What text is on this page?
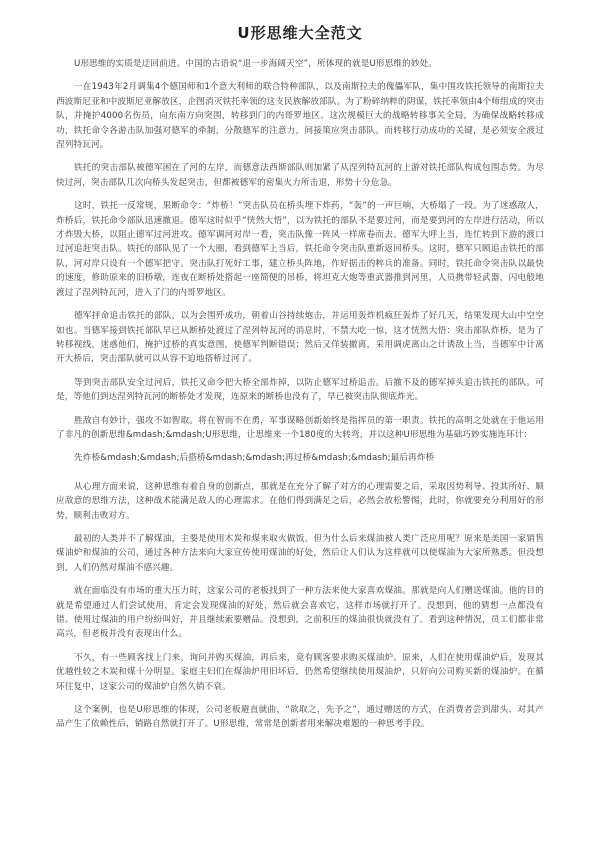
U形思维大全范文

U形思维的实质是迂回前进。中国的古语说“退一步海阔天空”，所体现的就是U形思维的妙处。

一在1943年2月调集4个德国师和1个意大利师的联合特种部队，以及南斯拉夫的傀儡军队，集中围攻铁托领导的南斯拉夫西波斯尼亚和中波斯尼亚解放区，企图消灭铁托率领的这支民族解放部队。为了粉碎纳粹的阴谋，铁托率领由4个师组成的突击队，并掩护4000名伤员，向东南方向突围，转移到门的内哥罗地区。这次规模巨大的战略转移事关全局，为确保战略转移成功，铁托命令各游击队加强对德军的牵制，分散德军的注意力，间接策应突击部队。而转移行动成功的关键，是必须安全渡过涅列特瓦河。

铁托的突击部队被德军困在了河的左岸，而德意法西斯部队则加紧了从涅列特瓦河的上游对铁托部队构成包围态势。为尽快过河，突击部队几次向桥头发起突击，但都被德军的密集火力所击退，形势十分危急。

这时，铁托一反常规，果断命令：“炸桥！”突击队员在桥头埋下炸药，“轰”的一声巨响，大桥塌了一段。为了迷惑敌人，炸桥后，铁托命令部队迅速撤退。德军这时似乎“恍然大悟”，以为铁托的部队不是要过河，而是要到河的左岸进行活动，所以才炸毁大桥，以阻止德军过河进攻。德军调河对岸一看，突击队像一阵风一样席卷而去。德军大呼上当，连忙转到下游的渡口过河追赶突击队。铁托的部队见了一个大圈，看到德军上当后，铁托命令突击队重新返回桥头。这时，德军只顾追击铁托的部队，河对岸只设有一个德军把守。突击队打死好工事，建立桥头阵地，作好据击的粹兵的准备。同时，铁托命令突击队以最快的速度，修助原来的旧桥墩，连夜在断桥处搭起一座简便的吊桥，将坦克大炮等重武器推到河里，人员携带轻武器，闪电般地渡过了涅列特瓦河，进入了门的内哥罗地区。

德军抨命追击铁托的部队，以为会围歼成功，朝着山谷持续炮击，并运用轰炸机疯狂轰炸了好几天，结果发现大山中空空如也。当德军接到铁托部队早已从断桥处渡过了涅列特瓦河的消息时，不禁大吃一惊，这才恍然大悟：突击部队炸桥，是为了转移视线，迷惑他们，掩护过桥的真实意图，使德军判断错误；然后又佯装撤离，采用调虎离山之计诱敌上当，当德军中计离开大桥后，突击部队就可以从容不迫地搭桥过河了。

等到突击部队安全过河后，铁托又命令把大桥全部炸掉，以防止德军过桥追击。后撤不及的德军掉头追击铁托的部队。可是，等他们到达涅列特瓦河的断桥处才发现，连原来的断桥也没有了，早已被突击队彻底炸光。

胜敌自有妙计，强攻不如智取。将在智而不在勇，军事谋略创新始终是指挥员的第一职责。铁托的高明之处就在于他运用了非凡的创新思维&mdash;&mdash;U形思维，让思维来一个180度的大转弯，并以这种U形思维为基础巧妙实施连环计：

先炸桥&mdash;&mdash;后搭桥&mdash;&mdash;再过桥&mdash;&mdash;最后再炸桥

从心理方面来说，这种思维有着自身的创新点，那就是在充分了解了对方的心理需要之后，采取因势利导、投其所好、顺应敌意的思维方法，这种战术能满足敌人的心理需求。在他们得到满足之后，必然会放松警惕，此时，你就要充分利用好的形势，顺利击败对方。

最初的人类并不了解煤油，主要是使用木炭和煤来取火做饭。但为什么后来煤油被人类广泛应用呢？原来是美国一家销售煤油炉和煤油的公司，通过各种方法来向大家宣传使用煤油的好处，然后让人们认为这样就可以使煤油为大家所熟悉。但没想到，人们仍然对煤油不感兴趣。

就在面临没有市场的重大压力时，这家公司的老板找到了一种方法来使大家喜欢煤油。那就是向人们赠送煤油。他的目的就是希望通过人们尝试使用，肯定会发现煤油的好处，然后就会喜欢它，这样市场就打开了。没想到，他的猜想一点都没有错。使用过煤油的用户纷纷叫好，并且继续索要赠品。没想到，之前积压的煤油很快就没有了。看到这种情况，员工们都非常高兴，但老板并没有表现出什么。

不久，有一些顾客找上门来，询问并购买煤油，再后来，竟有顾客要求购买煤油炉。原来，人们在使用煤油炉后，发现其优越性较之木炭和煤十分明显。家庭主妇们在煤油炉用旧坏后，仍然希望继续使用煤油炉，只好向公司购买新的煤油炉。在循环往复中，这家公司的煤油炉自然久销不衰。

这个案例，也是U形思维的体现，公司老板避直就曲，“欲取之，先予之”，通过赠送的方式，在消费者尝到甜头、对其产品产生了依赖性后，销路自然就打开了。U形思维，常常是创新者用来解决难题的一种思考手段。
